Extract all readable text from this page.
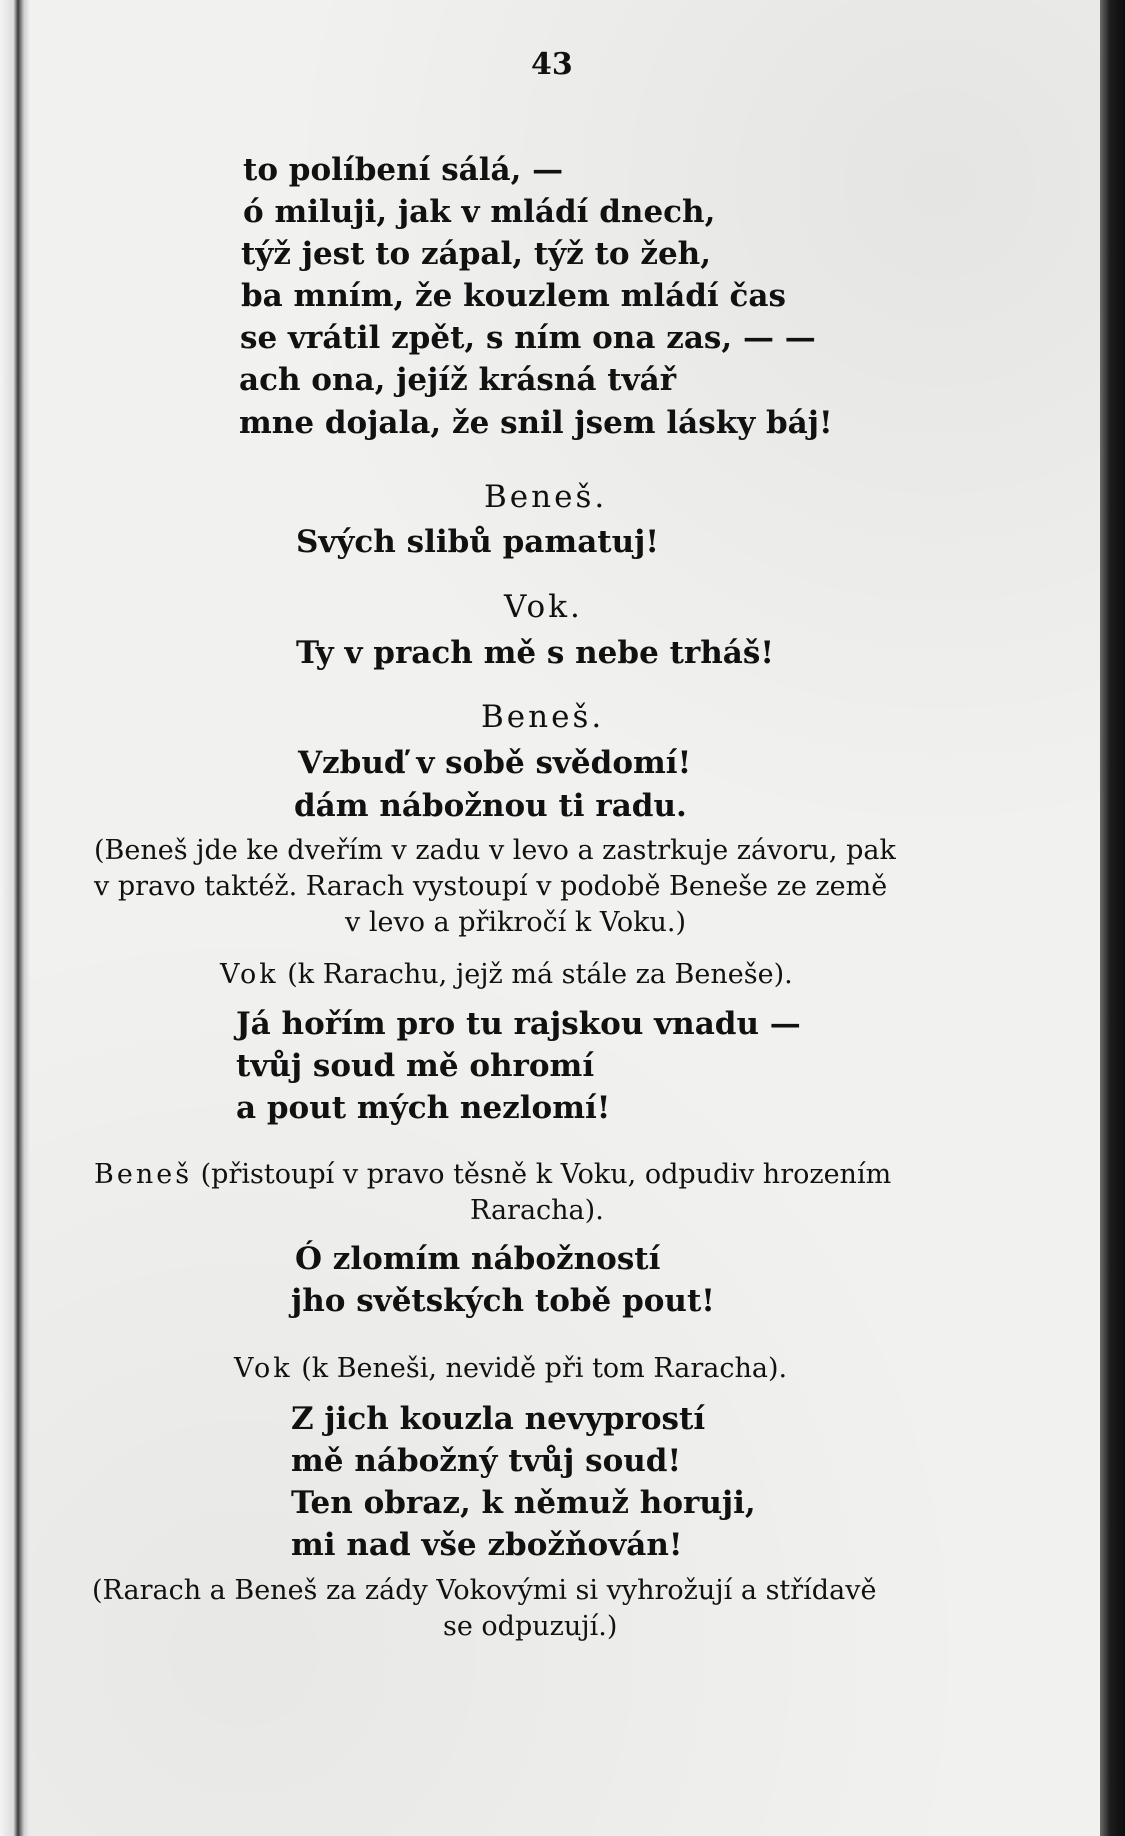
43
to políbení sálá, —
ó miluji, jak v mládí dnech,
týž jest to zápal, týž to žeh,
ba mním, že kouzlem mládí čas
se vrátil zpět, s ním ona zas, — —
ach ona, jejíž krásná tvář
mne dojala, že snil jsem lásky báj!
Beneš.
Svých slibů pamatuj!
Vok.
Ty v prach mě s nebe trháš!
Beneš.
Vzbuď v sobě svědomí!
dám nábožnou ti radu.
(Beneš jde ke dveřím v zadu v levo a zastrkuje závoru, pak
v pravo taktéž. Rarach vystoupí v podobě Beneše ze země
v levo a přikročí k Voku.)
Vok (k Rarachu, jejž má stále za Beneše).
Já hořím pro tu rajskou vnadu —
tvůj soud mě ohromí
a pout mých nezlomí!
Beneš (přistoupí v pravo těsně k Voku, odpudiv hrozením
Rarachа).
Ó zlomím nábožností
jho světských tobě pout!
Vok (k Benešі, nevidě při tom Raracha).
Z jich kouzla nevyprostí
mě nábožný tvůj soud!
Ten obraz, k němuž horuji,
mi nad vše zbožňován!
(Rarach a Beneš za zády Vokovými si vyhrožují a střídavě
se odpuzují.)
